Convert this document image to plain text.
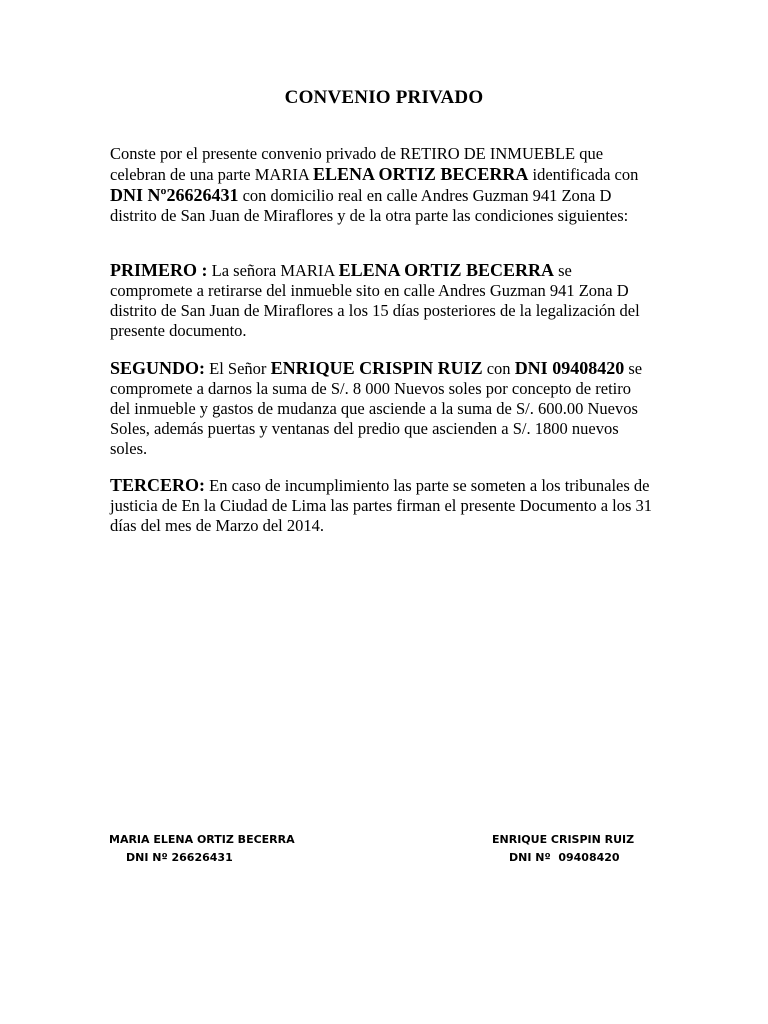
CONVENIO PRIVADO

Conste por el presente convenio privado de RETIRO DE INMUEBLE que celebran de una parte MARIA ELENA ORTIZ BECERRA identificada con DNI Nº26626431 con domicilio real en calle Andres Guzman 941 Zona D distrito de San Juan de Miraflores y de la otra parte las condiciones siguientes:

PRIMERO : La señora MARIA ELENA ORTIZ BECERRA se compromete a retirarse del inmueble sito en calle Andres Guzman 941 Zona D distrito de San Juan de Miraflores a los 15 días posteriores de la legalización del presente documento.

SEGUNDO: El Señor ENRIQUE CRISPIN RUIZ con DNI 09408420 se compromete a darnos la suma de S/. 8 000 Nuevos soles por concepto de retiro del inmueble y gastos de mudanza que asciende a la suma de S/. 600.00 Nuevos Soles, además puertas y ventanas del predio que ascienden a S/. 1800 nuevos soles.

TERCERO: En caso de incumplimiento las parte se someten a los tribunales de justicia de En la Ciudad de Lima las partes firman el presente Documento a los 31 días del mes de Marzo del 2014.

MARIA ELENA ORTIZ BECERRA
DNI Nº 26626431
ENRIQUE CRISPIN RUIZ
DNI Nº  09408420
